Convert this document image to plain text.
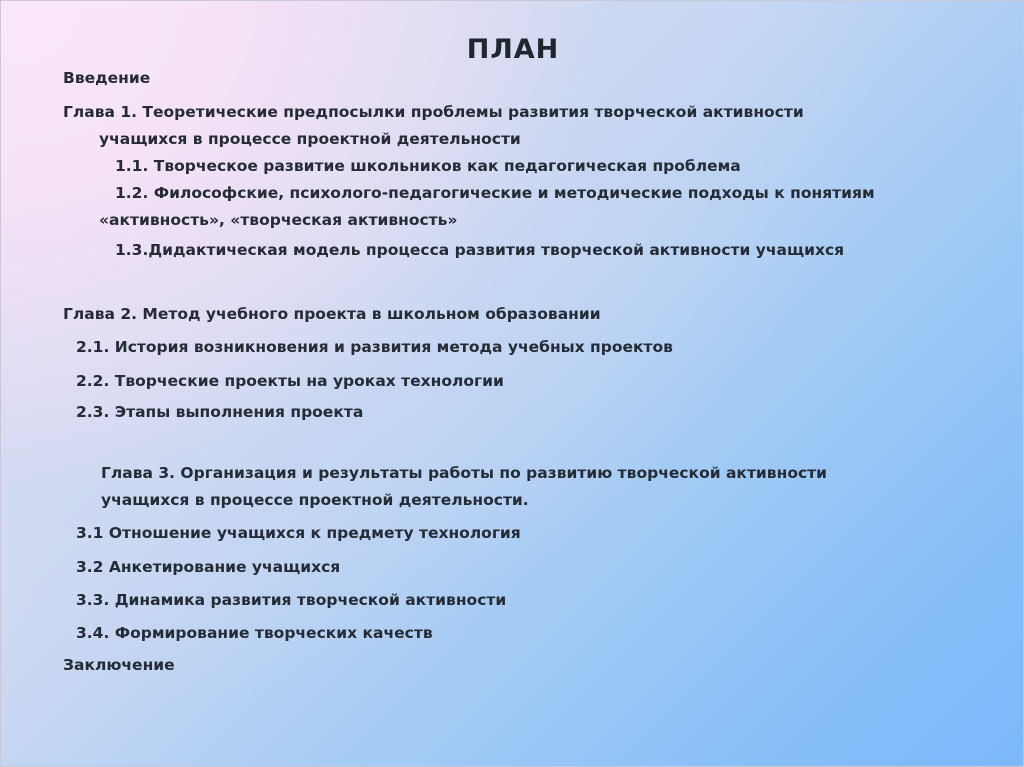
ПЛАН
Введение
Глава 1. Теоретические предпосылки проблемы развития творческой активности
учащихся в процессе проектной деятельности
1.1. Творческое развитие школьников как педагогическая проблема
1.2. Философские, психолого-педагогические и методические подходы к понятиям
«активность», «творческая активность»
1.3.Дидактическая модель процесса развития творческой активности учащихся
Глава 2. Метод учебного проекта в школьном образовании
2.1. История возникновения и развития метода учебных проектов
2.2. Творческие проекты на уроках технологии
2.3. Этапы выполнения проекта
Глава 3. Организация и результаты работы по развитию творческой активности
учащихся в процессе проектной деятельности.
3.1 Отношение учащихся к предмету технология
3.2 Анкетирование учащихся
3.3. Динамика развития творческой активности
3.4. Формирование творческих качеств
Заключение
